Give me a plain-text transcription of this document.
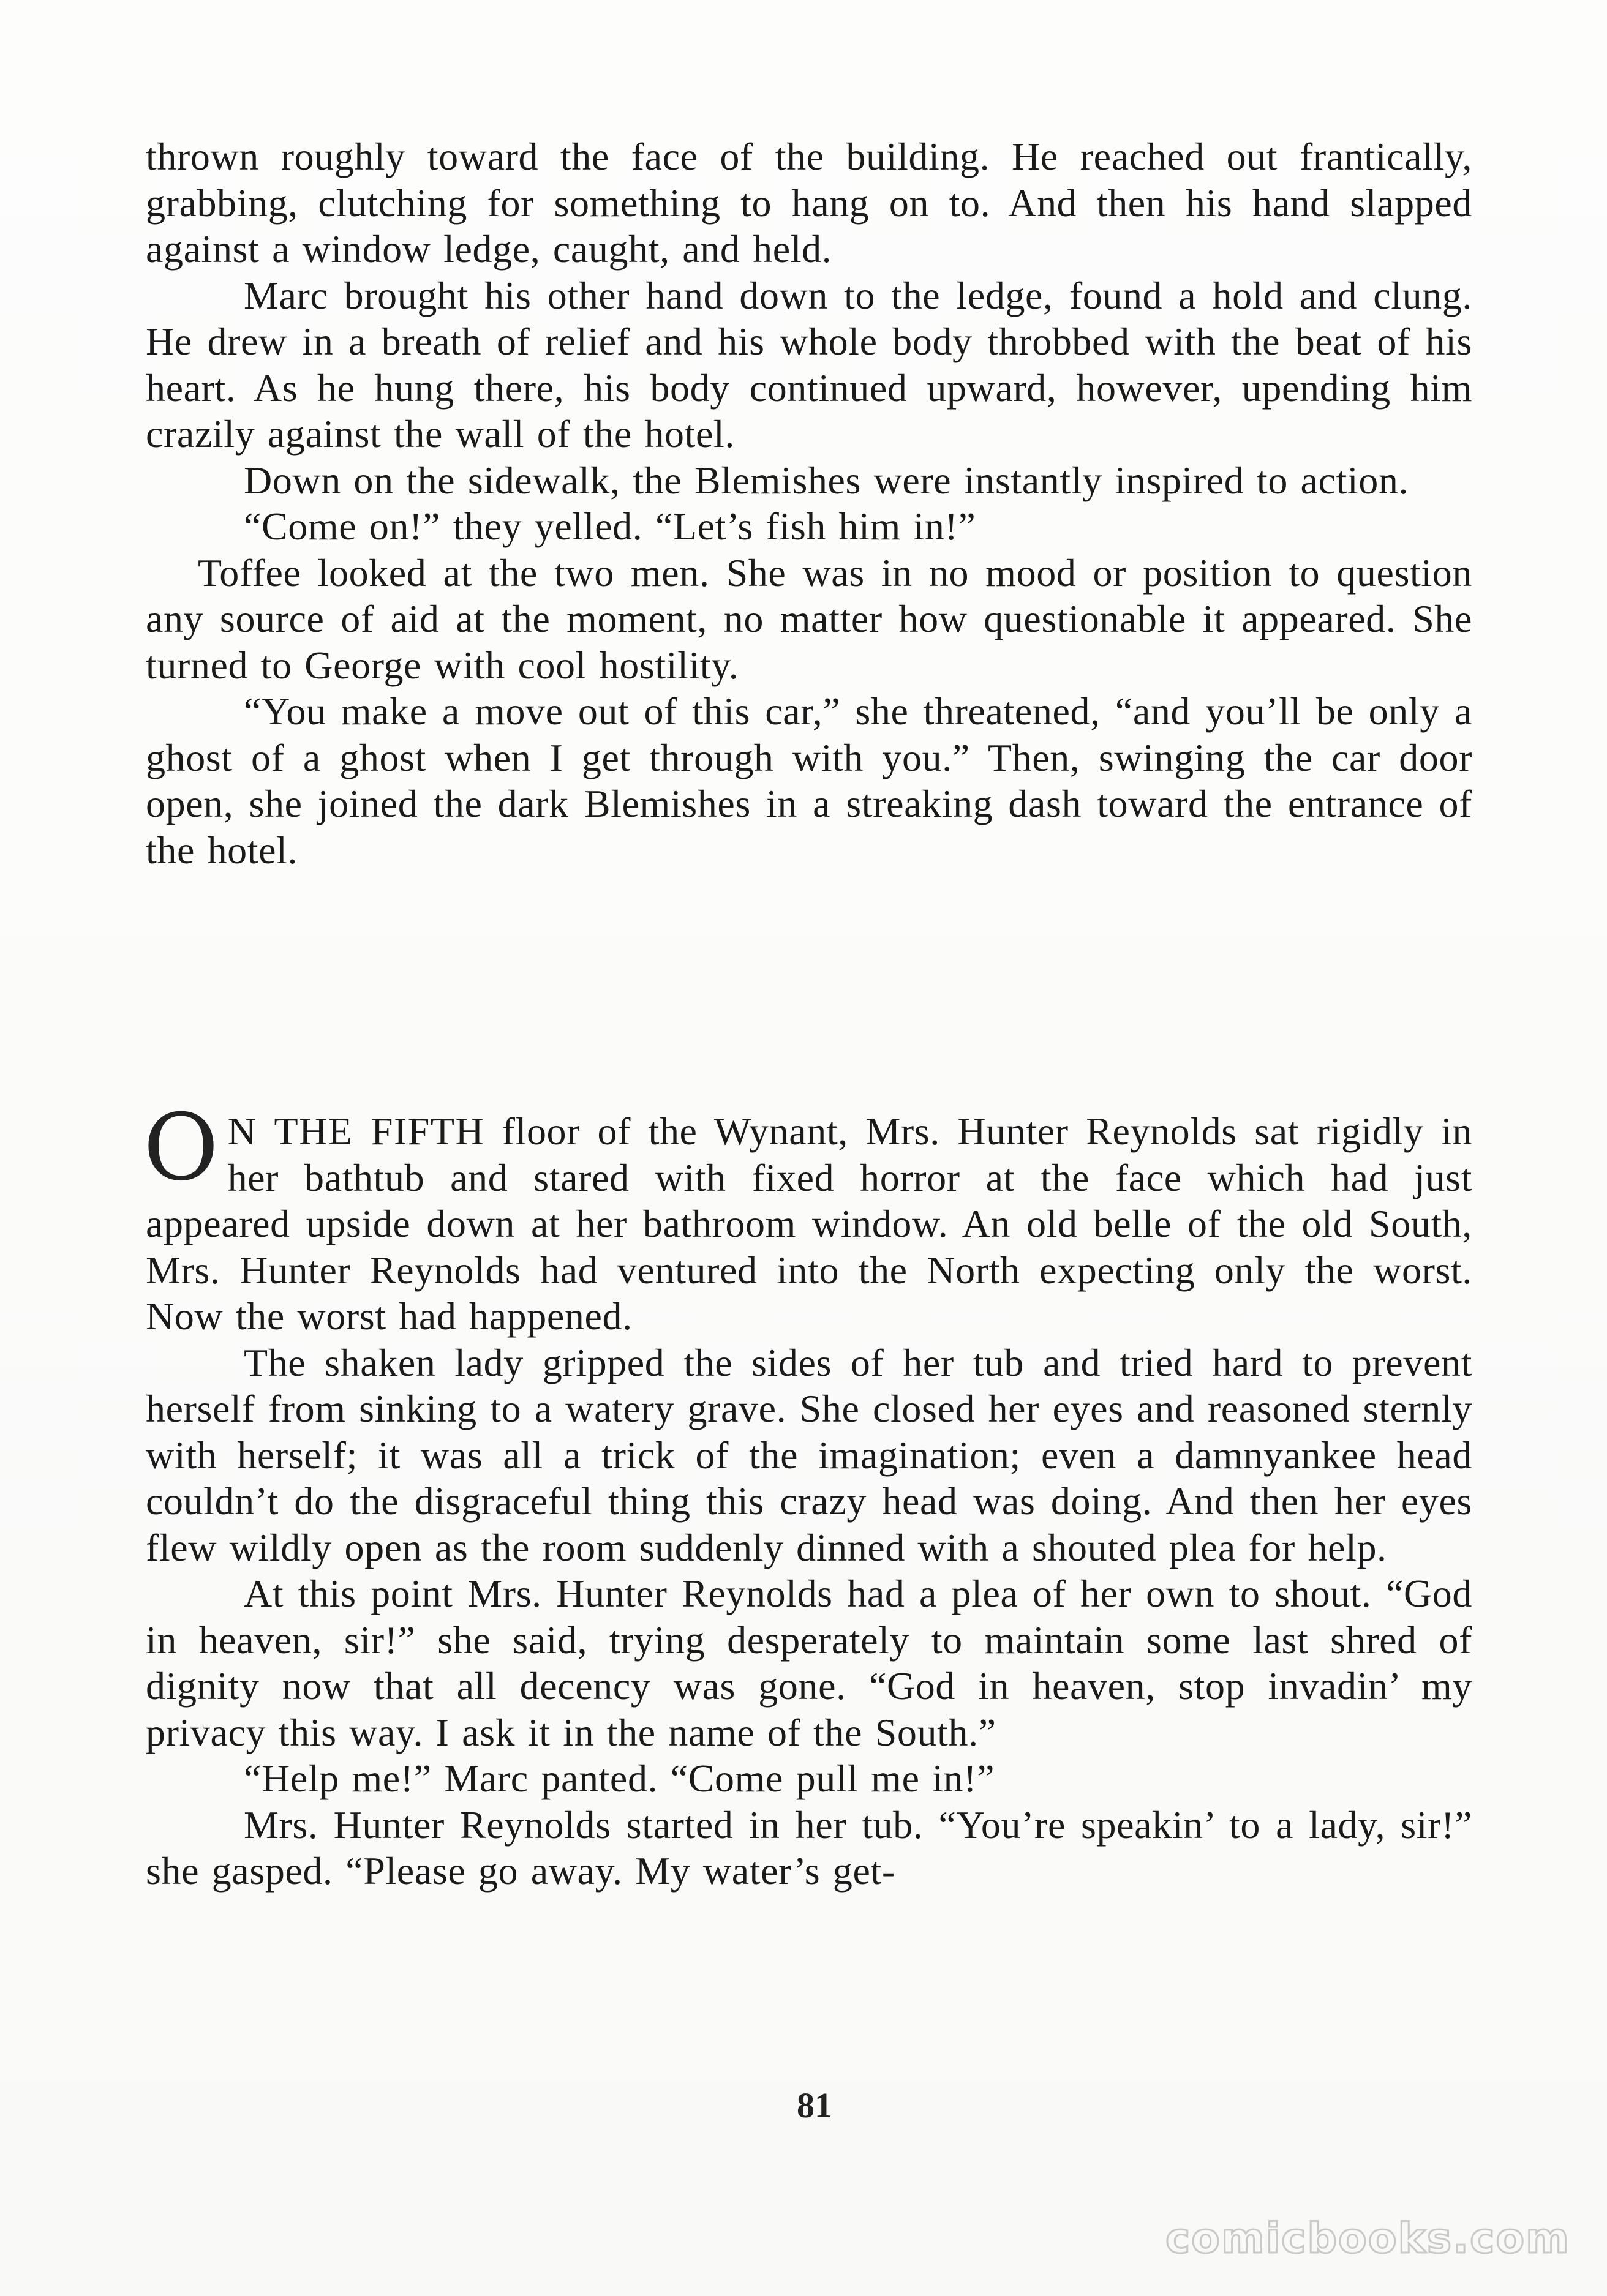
thrown roughly toward the face of the building. He reached out frantically, grabbing, clutching for something to hang on to. And then his hand slapped against a window ledge, caught, and held.

Marc brought his other hand down to the ledge, found a hold and clung. He drew in a breath of relief and his whole body throbbed with the beat of his heart. As he hung there, his body continued upward, however, upending him crazily against the wall of the hotel.

Down on the sidewalk, the Blemishes were instantly inspired to action.

“Come on!” they yelled. “Let’s fish him in!”

Toffee looked at the two men. She was in no mood or position to question any source of aid at the moment, no matter how questionable it appeared. She turned to George with cool hostility.

“You make a move out of this car,” she threatened, “and you’ll be only a ghost of a ghost when I get through with you.” Then, swinging the car door open, she joined the dark Blemishes in a streaking dash toward the entrance of the hotel.

O N THE FIFTH floor of the Wynant, Mrs. Hunter Reynolds sat rigidly in her bathtub and stared with fixed horror at the face which had just appeared upside down at her bathroom window. An old belle of the old South, Mrs. Hunter Reynolds had ventured into the North expecting only the worst. Now the worst had happened.

The shaken lady gripped the sides of her tub and tried hard to prevent herself from sinking to a watery grave. She closed her eyes and reasoned sternly with herself; it was all a trick of the imagination; even a damnyankee head couldn’t do the disgraceful thing this crazy head was doing. And then her eyes flew wildly open as the room suddenly dinned with a shouted plea for help.

At this point Mrs. Hunter Reynolds had a plea of her own to shout. “God in heaven, sir!” she said, trying desperately to maintain some last shred of dignity now that all decency was gone. “God in heaven, stop invadin’ my privacy this way. I ask it in the name of the South.”

“Help me!” Marc panted. “Come pull me in!”

Mrs. Hunter Reynolds started in her tub. “You’re speakin’ to a lady, sir!” she gasped. “Please go away. My water’s get-

81
comicbooks.com
